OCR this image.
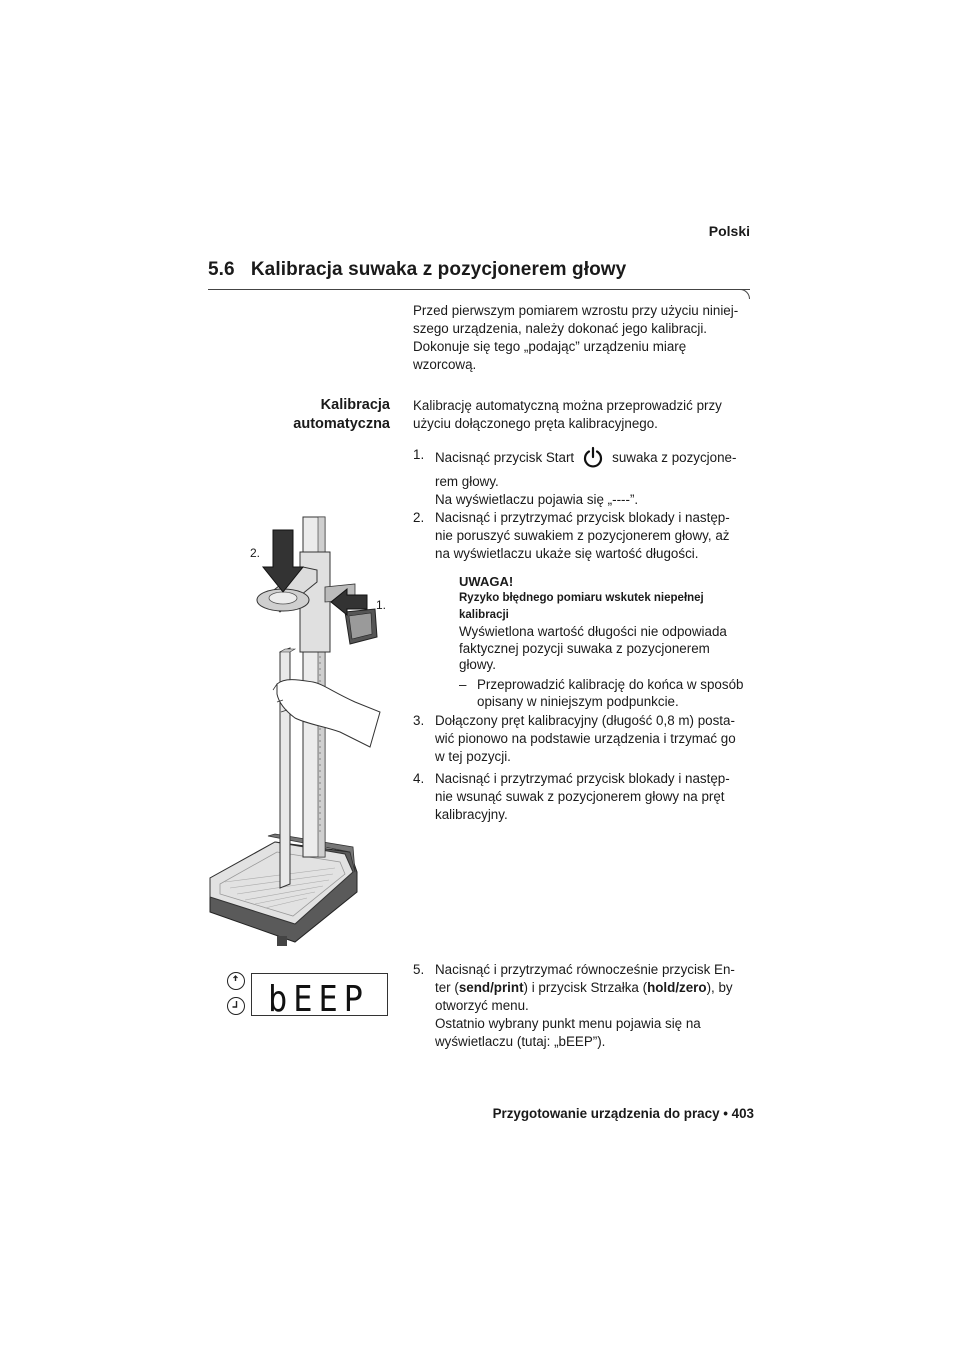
Polski
5.6 Kalibracja suwaka z pozycjonerem głowy
Przed pierwszym pomiarem wzrostu przy użyciu niniej-
szego urządzenia, należy dokonać jego kalibracji.
Dokonuje się tego „podając” urządzeniu miarę
wzorcową.
Kalibracja
automatyczna
Kalibrację automatyczną można przeprowadzić przy
użyciu dołączonego pręta kalibracyjnego.
1. Nacisnąć przycisk Start	suwaka z pozycjone-
rem głowy.
Na wyświetlaczu pojawia się „----”.
2. Nacisnąć i przytrzymać przycisk blokady i następ-
nie poruszyć suwakiem z pozycjonerem głowy, aż
na wyświetlaczu ukaże się wartość długości.
UWAGA!
Ryzyko błędnego pomiaru wskutek niepełnej
kalibracji
Wyświetlona wartość długości nie odpowiada
faktycznej pozycji suwaka z pozycjonerem
głowy.
– Przeprowadzić kalibrację do końca w sposób
opisany w niniejszym podpunkcie.
3. Dołączony pręt kalibracyjny (długość 0,8 m) posta-
wić pionowo na podstawie urządzenia i trzymać go
w tej pozycji.
4. Nacisnąć i przytrzymać przycisk blokady i następ-
nie wsunąć suwak z pozycjonerem głowy na pręt
kalibracyjny.
5. Nacisnąć i przytrzymać równocześnie przycisk En-
ter (send/print) i przycisk Strzałka (hold/zero), by
otworzyć menu.
Ostatnio wybrany punkt menu pojawia się na
wyświetlaczu (tutaj: „bEEP”).
2.
1.
bEEP
Przygotowanie urządzenia do pracy • 403
